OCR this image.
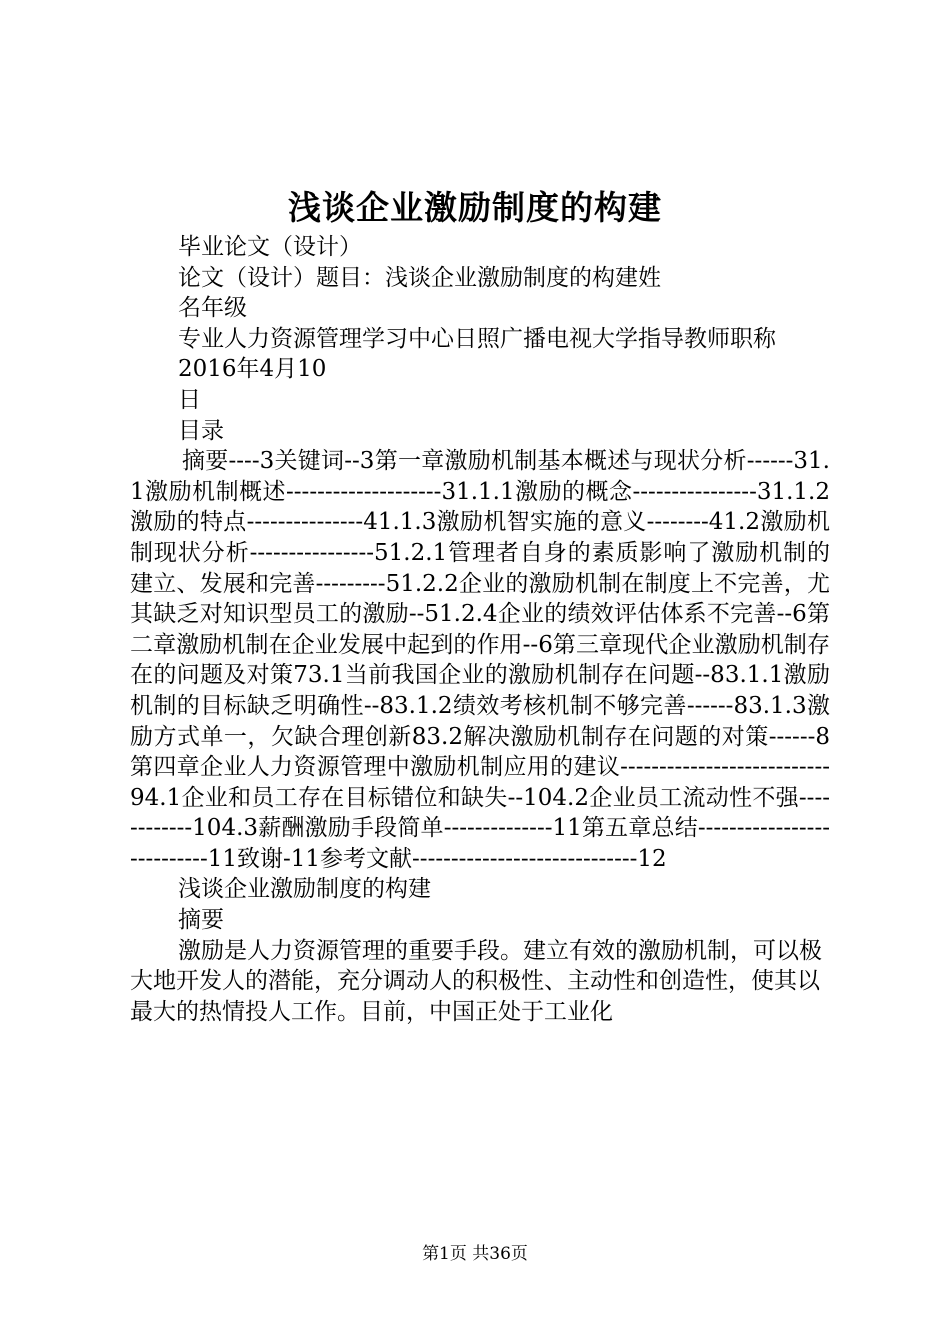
浅谈企业激励制度的构建

毕业论文（设计）

论文（设计）题目：浅谈企业激励制度的构建姓

名年级

专业人力资源管理学习中心日照广播电视大学指导教师职称

2016年4月10

日

目录

摘要----3关键词--3第一章激励机制基本概述与现状分析------31.1激励机制概述--------------------31.1.1激励的概念----------------31.1.2激励的特点---------------41.1.3激励机智实施的意义--------41.2激励机制现状分析----------------51.2.1管理者自身的素质影响了激励机制的建立、发展和完善---------51.2.2企业的激励机制在制度上不完善，尤其缺乏对知识型员工的激励--51.2.4企业的绩效评估体系不完善--6第二章激励机制在企业发展中起到的作用--6第三章现代企业激励机制存在的问题及对策73.1当前我国企业的激励机制存在问题--83.1.1激励机制的目标缺乏明确性--83.1.2绩效考核机制不够完善------83.1.3激励方式单一，欠缺合理创新83.2解决激励机制存在问题的对策------8第四章企业人力资源管理中激励机制应用的建议---------------------------94.1企业和员工存在目标错位和缺失--104.2企业员工流动性不强------------104.3薪酬激励手段简单--------------11第五章总结---------------------------11致谢-11参考文献-----------------------------12

浅谈企业激励制度的构建

摘要

激励是人力资源管理的重要手段。建立有效的激励机制，可以极大地开发人的潜能，充分调动人的积极性、主动性和创造性，使其以最大的热情投人工作。目前，中国正处于工业化

第1页 共36页
